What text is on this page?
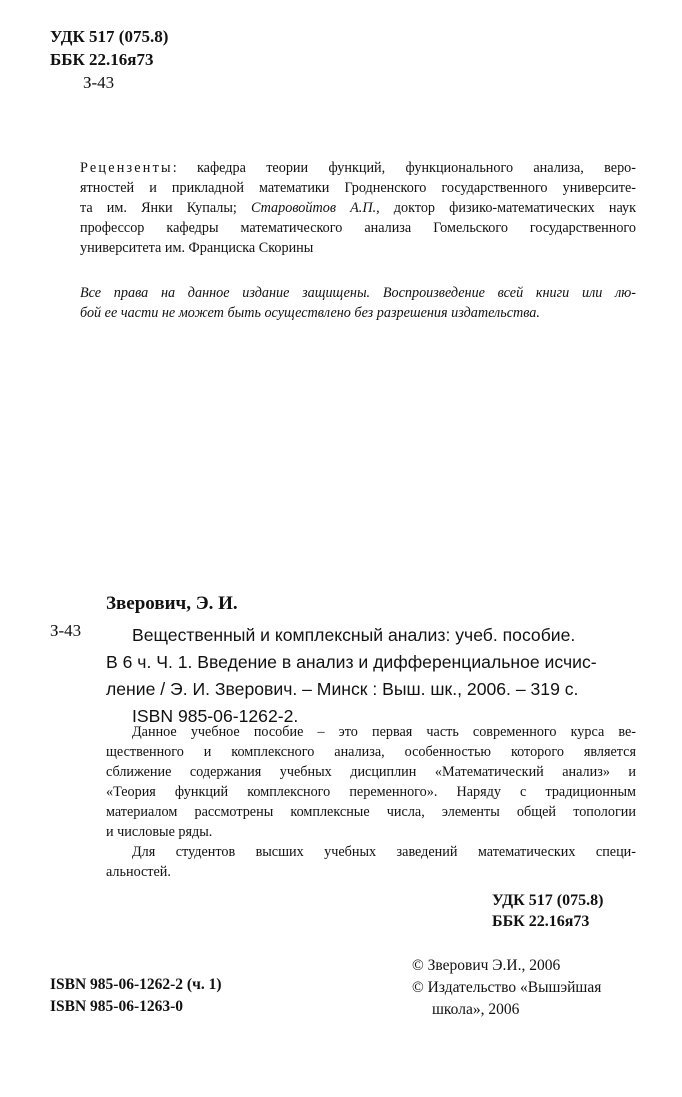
УДК 517 (075.8)
ББК 22.16я73
З-43
Рецензенты: кафедра теории функций, функционального анализа, веро-
ятностей и прикладной математики Гродненского государственного университе-
та им. Янки Купалы; Старовойтов А.П., доктор физико-математических наук
профессор кафедры математического анализа Гомельского государственного
университета им. Франциска Скорины
Все права на данное издание защищены. Воспроизведение всей книги или лю-
бой ее части не может быть осуществлено без разрешения издательства.
Зверович, Э. И.
З-43	Вещественный и комплексный анализ: учеб. пособие.
В 6 ч. Ч. 1. Введение в анализ и дифференциальное исчис-
ление / Э. И. Зверович. – Минск : Выш. шк., 2006. – 319 с.
ISBN 985-06-1262-2.
Данное учебное пособие – это первая часть современного курса ве-
щественного и комплексного анализа, особенностью которого является
сближение содержания учебных дисциплин «Математический анализ» и
«Теория функций комплексного переменного». Наряду с традиционным
материалом рассмотрены комплексные числа, элементы общей топологии
и числовые ряды.
Для студентов высших учебных заведений математических специ-
альностей.
УДК 517 (075.8)
ББК 22.16я73
ISBN 985-06-1262-2 (ч. 1)
ISBN 985-06-1263-0
© Зверович Э.И., 2006
© Издательство «Вышэйшая
школа», 2006
